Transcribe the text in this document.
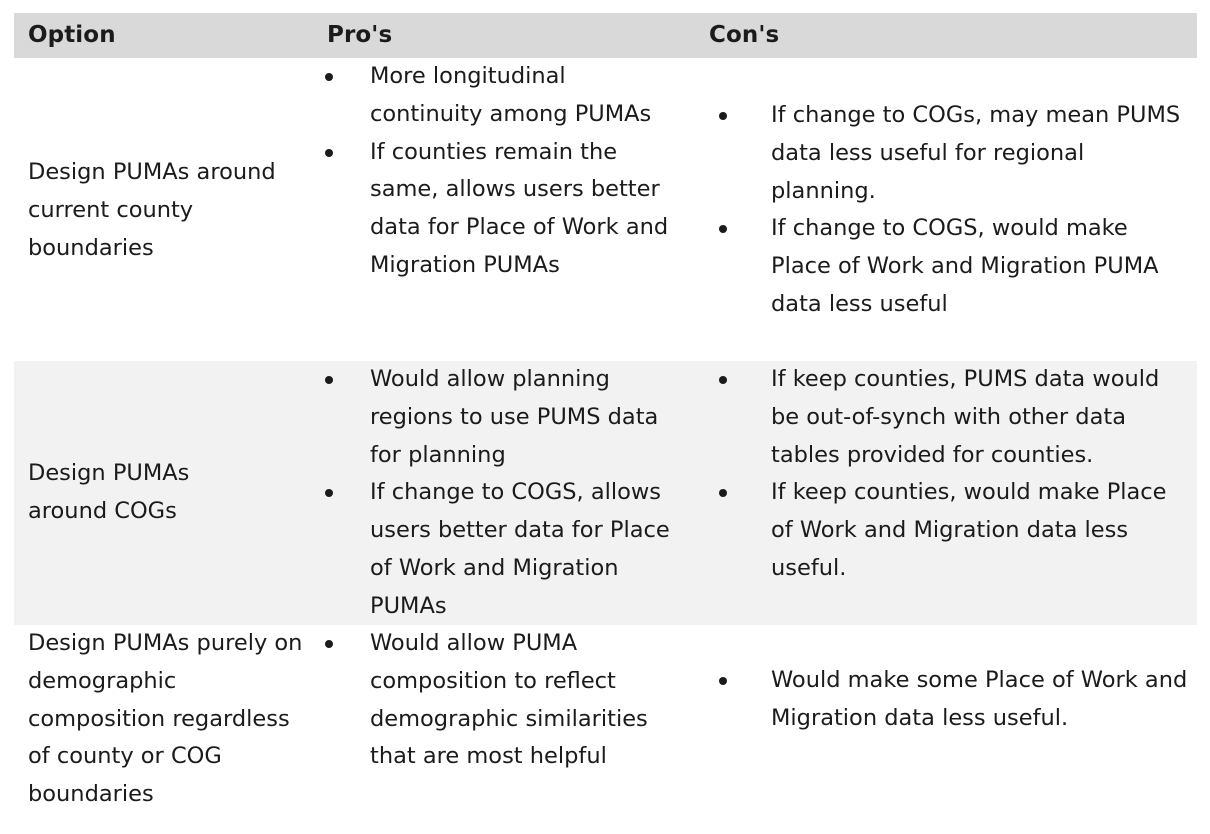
Option	Pro's	Con's
Design PUMAs around current county boundaries
More longitudinal continuity among PUMAs
If counties remain the same, allows users better data for Place of Work and Migration PUMAs
If change to COGs, may mean PUMS data less useful for regional planning.
If change to COGS, would make Place of Work and Migration PUMA data less useful
Design PUMAs around COGs
Would allow planning regions to use PUMS data for planning
If change to COGS, allows users better data for Place of Work and Migration PUMAs
If keep counties, PUMS data would be out-of-synch with other data tables provided for counties.
If keep counties, would make Place of Work and Migration data less useful.
Design PUMAs purely on demographic composition regardless of county or COG boundaries
Would allow PUMA composition to reflect demographic similarities that are most helpful
Would make some Place of Work and Migration data less useful.
